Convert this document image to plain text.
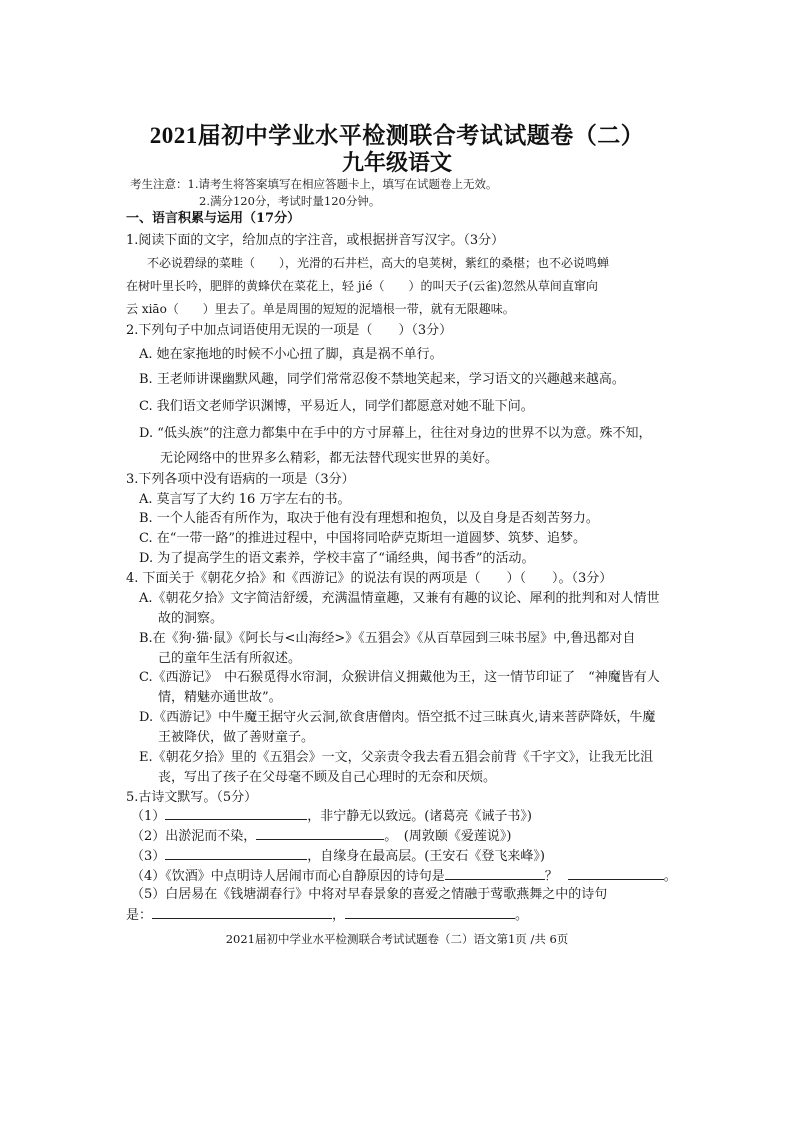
2021届初中学业水平检测联合考试试题卷（二）
九年级语文
考生注意：1.请考生将答案填写在相应答题卡上，填写在试题卷上无效。
2.满分120分，考试时量120分钟。
一、语言积累与运用（17分）
1.阅读下面的文字，给加点的字注音，或根据拼音写汉字。（3分）
不必说碧绿的菜畦（　　），光滑的石井栏，高大的皂荚树，紫红的桑椹；也不必说鸣蝉
在树叶里长吟，肥胖的黄蜂伏在菜花上，轻 jié（　　）的叫天子(云雀)忽然从草间直窜向
云 xiāo（　　）里去了。单是周围的短短的泥墙根一带，就有无限趣味。
2.下列句子中加点词语使用无误的一项是（　　）（3分）
A. 她在家拖地的时候不小心扭了脚，真是祸不单行。
B. 王老师讲课幽默风趣，同学们常常忍俊不禁地笑起来，学习语文的兴趣越来越高。
C. 我们语文老师学识渊博，平易近人，同学们都愿意对她不耻下问。
D. “低头族”的注意力都集中在手中的方寸屏幕上，往往对身边的世界不以为意。殊不知，
无论网络中的世界多么精彩，都无法替代现实世界的美好。
3.下列各项中没有语病的一项是（3分）
A. 莫言写了大约 16 万字左右的书。
B. 一个人能否有所作为，取决于他有没有理想和抱负，以及自身是否刻苦努力。
C. 在“一带一路”的推进过程中，中国将同哈萨克斯坦一道圆梦、筑梦、追梦。
D. 为了提高学生的语文素养，学校丰富了“诵经典，闻书香”的活动。
4. 下面关于《朝花夕拾》和《西游记》的说法有误的两项是（　　）（　　）。（3分）
A.《朝花夕拾》文字简洁舒缓，充满温情童趣，又兼有有趣的议论、犀利的批判和对人情世
故的洞察。
B.在《狗·猫·鼠》《阿长与<山海经>》《五猖会》《从百草园到三味书屋》中,鲁迅都对自
己的童年生活有所叙述。
C.《西游记》　中石猴觅得水帘洞，众猴讲信义拥戴他为王，这一情节印证了　“神魔皆有人
情，精魅亦通世故”。
D.《西游记》中牛魔王据守火云洞,欲食唐僧肉。悟空抵不过三昧真火,请来菩萨降妖，牛魔
王被降伏，做了善财童子。
E.《朝花夕拾》里的《五猖会》一文，父亲责令我去看五猖会前背《千字文》，让我无比沮
丧，写出了孩子在父母毫不顾及自己心理时的无奈和厌烦。
5.古诗文默写。（5分）
（1）	，非宁静无以致远。(诸葛亮《诫子书》)
（2）出淤泥而不染，	。　(周敦颐《爱莲说》)
（3）	，自缘身在最高层。(王安石《登飞来峰》)
（4）《饮酒》中点明诗人居闹市而心自静原因的诗句是	？	。
（5）白居易在《钱塘湖春行》中将对早春景象的喜爱之情融于莺歌燕舞之中的诗句
是：	，	。
2021届初中学业水平检测联合考试试题卷（二）语文第1页 /共 6页
